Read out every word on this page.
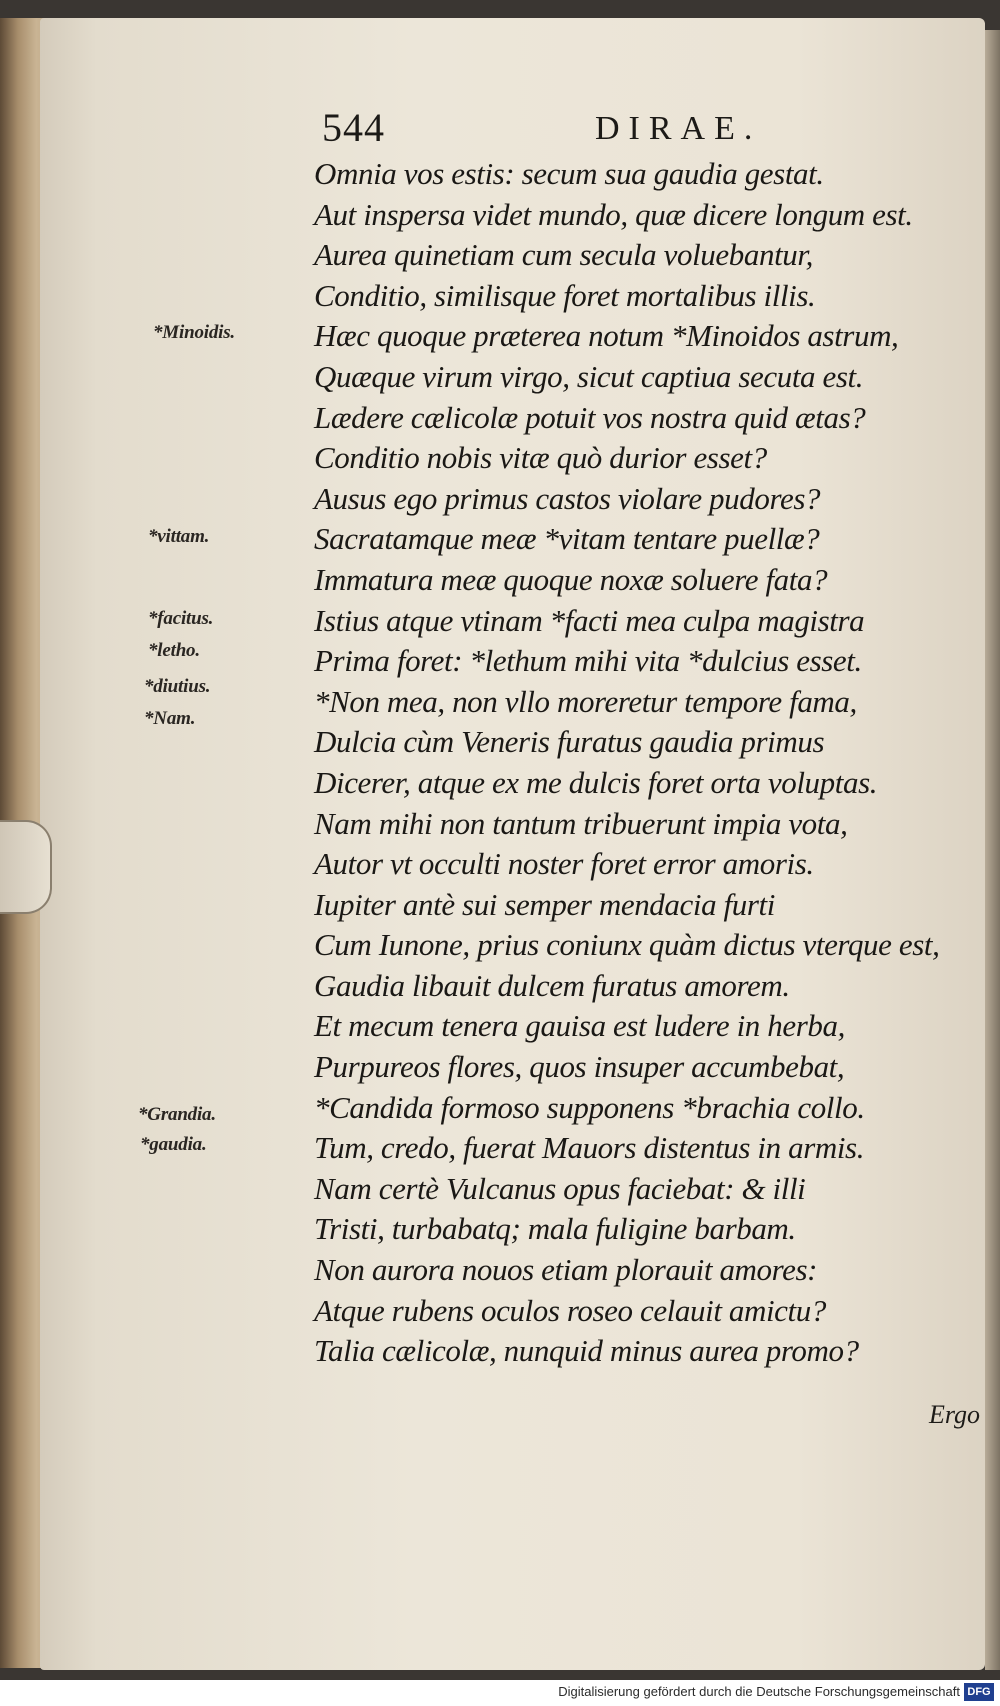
544	DIRAE.
Omnia vos estis: secum sua gaudia gestat.
Aut inspersa videt mundo, quæ dicere longum est.
Aurea quinetiam cum secula voluebantur,
Conditio, similisque foret mortalibus illis.
Hæc quoque præterea notum *Minoidos astrum,
Quæque virum virgo, sicut captiua secuta est.
Lædere cælicolæ potuit vos nostra quid ætas?
Conditio nobis vitæ quò durior esset?
Ausus ego primus castos violare pudores?
Sacratamque meæ *vitam tentare puellæ?
Immatura meæ quoque noxæ soluere fata?
Istius atque vtinam *facti mea culpa magistra
Prima foret: *lethum mihi vita *dulcius esset.
*Non mea, non vllo moreretur tempore fama,
Dulcia cùm Veneris furatus gaudia primus
Dicerer, atque ex me dulcis foret orta voluptas.
Nam mihi non tantum tribuerunt impia vota,
Autor vt occulti noster foret error amoris.
Iupiter antè sui semper mendacia furti
Cum Iunone, prius coniunx quàm dictus vterque est,
Gaudia libauit dulcem furatus amorem.
Et mecum tenera gauisa est ludere in herba,
Purpureos flores, quos insuper accumbebat,
*Candida formoso supponens *brachia collo.
Tum, credo, fuerat Mauors distentus in armis.
Nam certè Vulcanus opus faciebat: & illi
Tristi, turbabatq; mala fuligine barbam.
Non aurora nouos etiam plorauit amores:
Atque rubens oculos roseo celauit amictu?
Talia cælicolæ, nunquid minus aurea promo?
*Minoidis.
*vittam.
*facitus.
*letho.
*diutius.
*Nam.
*Grandia.
*gaudia.
Ergo
Digitalisierung gefördert durch die Deutsche Forschungsgemeinschaft DFG
